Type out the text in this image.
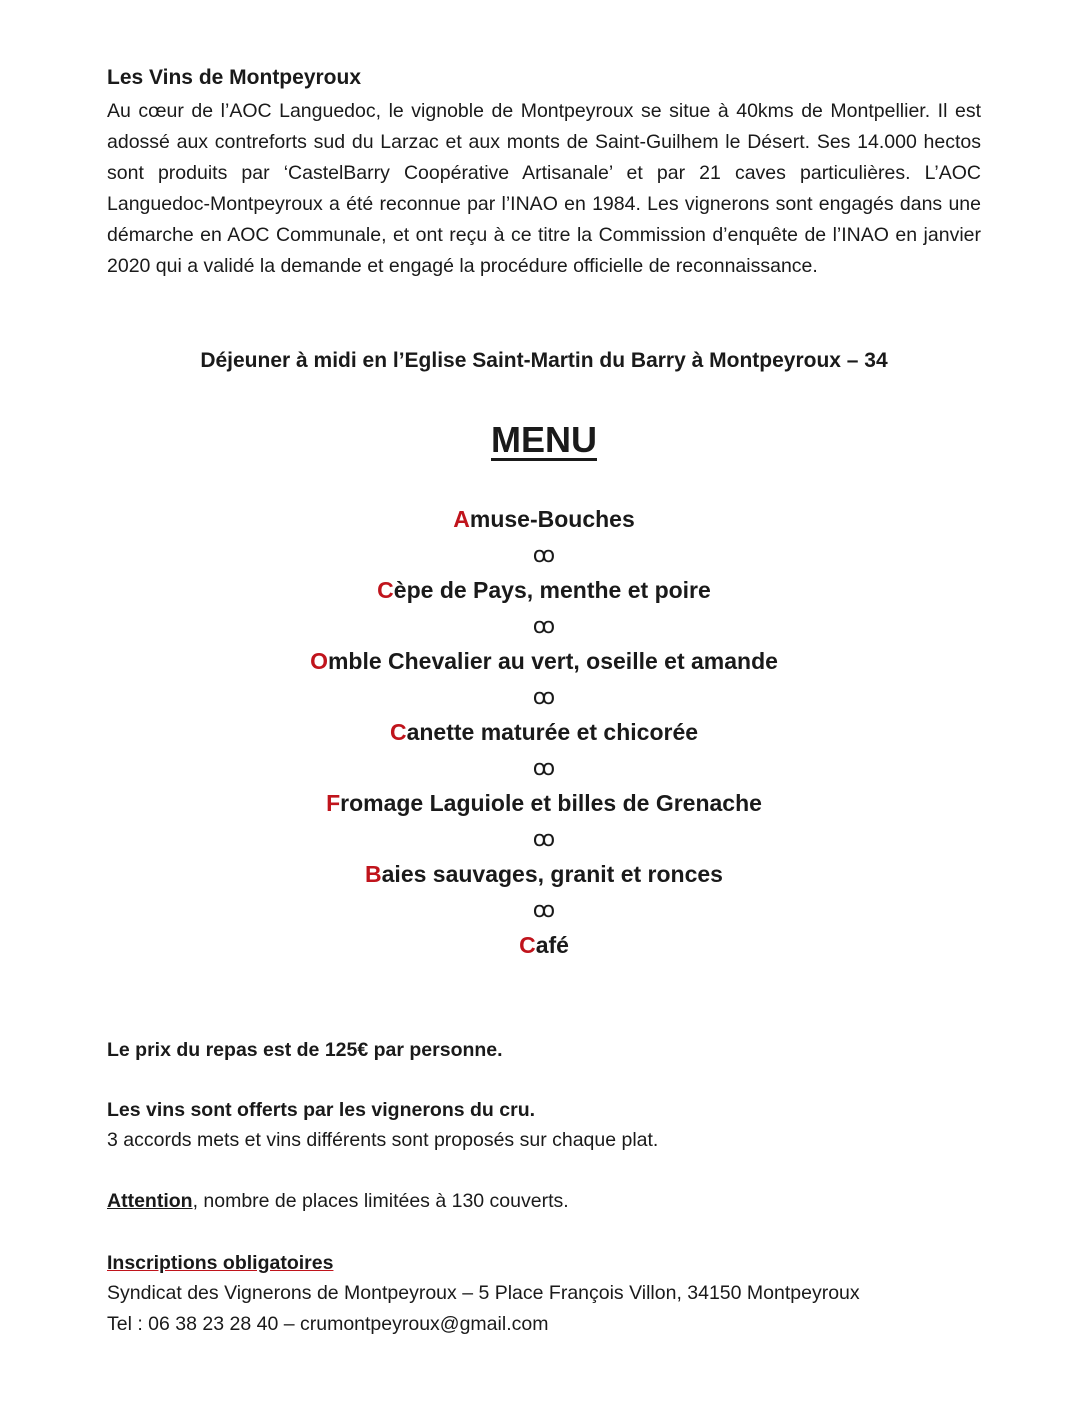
Les Vins de Montpeyroux
Au cœur de l’AOC Languedoc, le vignoble de Montpeyroux se situe à 40kms de Montpellier. Il est adossé aux contreforts sud du Larzac et aux monts de Saint-Guilhem le Désert. Ses 14.000 hectos sont produits par ‘CastelBarry Coopérative Artisanale’ et par 21 caves particulières. L’AOC Languedoc-Montpeyroux a été reconnue par l’INAO en 1984. Les vignerons sont engagés dans une démarche en AOC Communale, et ont reçu à ce titre la Commission d’enquête de l’INAO en janvier 2020 qui a validé la demande et engagé la procédure officielle de reconnaissance.
Déjeuner à midi en l’Eglise Saint-Martin du Barry à Montpeyroux – 34
MENU
Amuse-Bouches
ꝏ
Cèpe de Pays, menthe et poire
ꝏ
Omble Chevalier au vert, oseille et amande
ꝏ
Canette maturée et chicorée
ꝏ
Fromage Laguiole et billes de Grenache
ꝏ
Baies sauvages, granit et ronces
ꝏ
Café
Le prix du repas est de 125€ par personne.
Les vins sont offerts par les vignerons du cru.
3 accords mets et vins différents sont proposés sur chaque plat.
Attention, nombre de places limitées à 130 couverts.
Inscriptions obligatoires
Syndicat des Vignerons de Montpeyroux – 5 Place François Villon, 34150 Montpeyroux
Tel : 06 38 23 28 40 – crumontpeyroux@gmail.com
